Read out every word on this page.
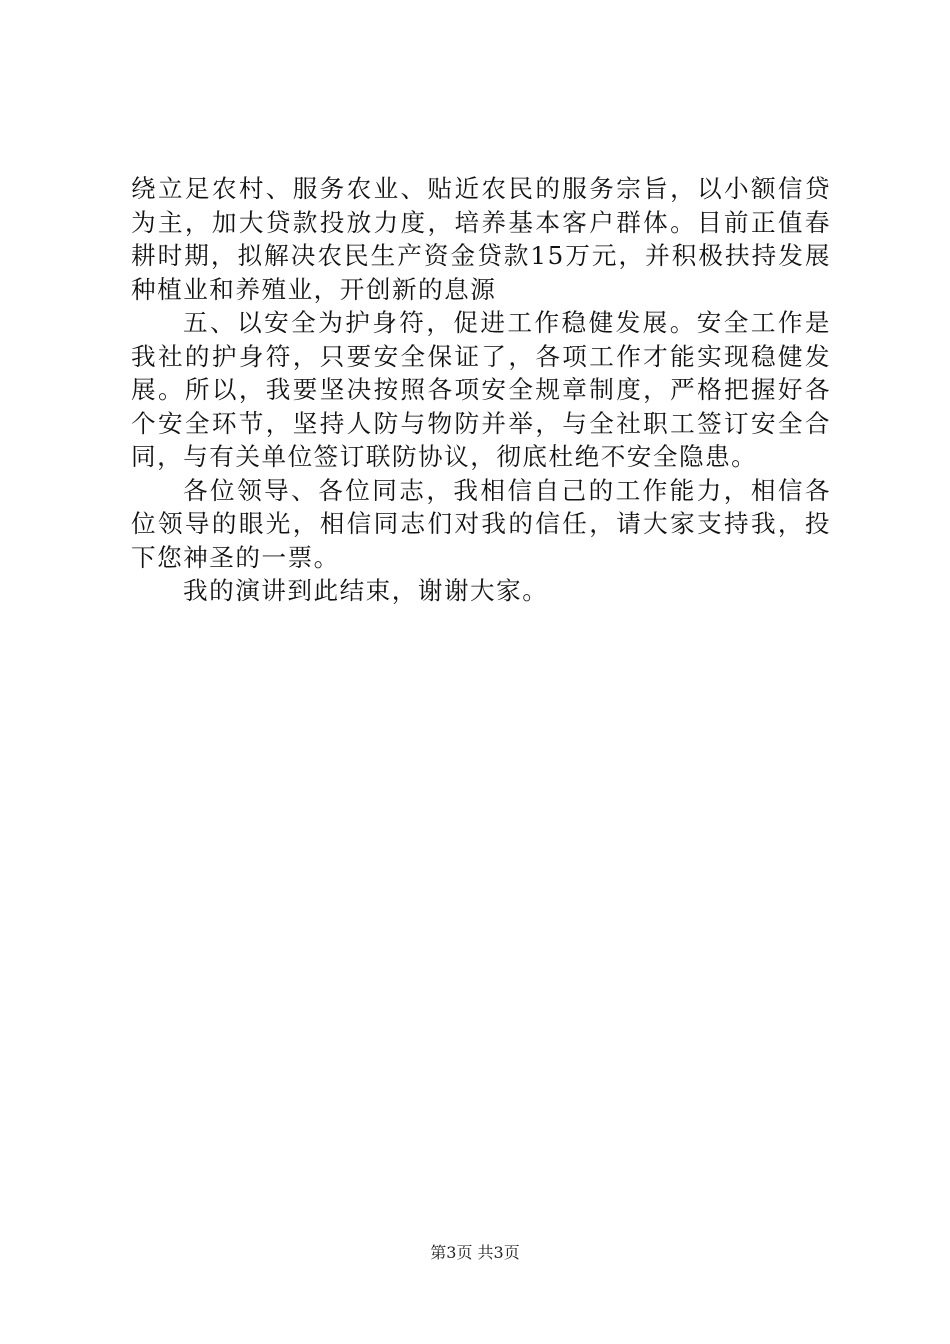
绕立足农村、服务农业、贴近农民的服务宗旨，以小额信贷为主，加大贷款投放力度，培养基本客户群体。目前正值春耕时期，拟解决农民生产资金贷款15万元，并积极扶持发展种植业和养殖业，开创新的息源

五、以安全为护身符，促进工作稳健发展。安全工作是我社的护身符，只要安全保证了，各项工作才能实现稳健发展。所以，我要坚决按照各项安全规章制度，严格把握好各个安全环节，坚持人防与物防并举，与全社职工签订安全合同，与有关单位签订联防协议，彻底杜绝不安全隐患。

各位领导、各位同志，我相信自己的工作能力，相信各位领导的眼光，相信同志们对我的信任，请大家支持我，投下您神圣的一票。

我的演讲到此结束，谢谢大家。

第3页 共3页
